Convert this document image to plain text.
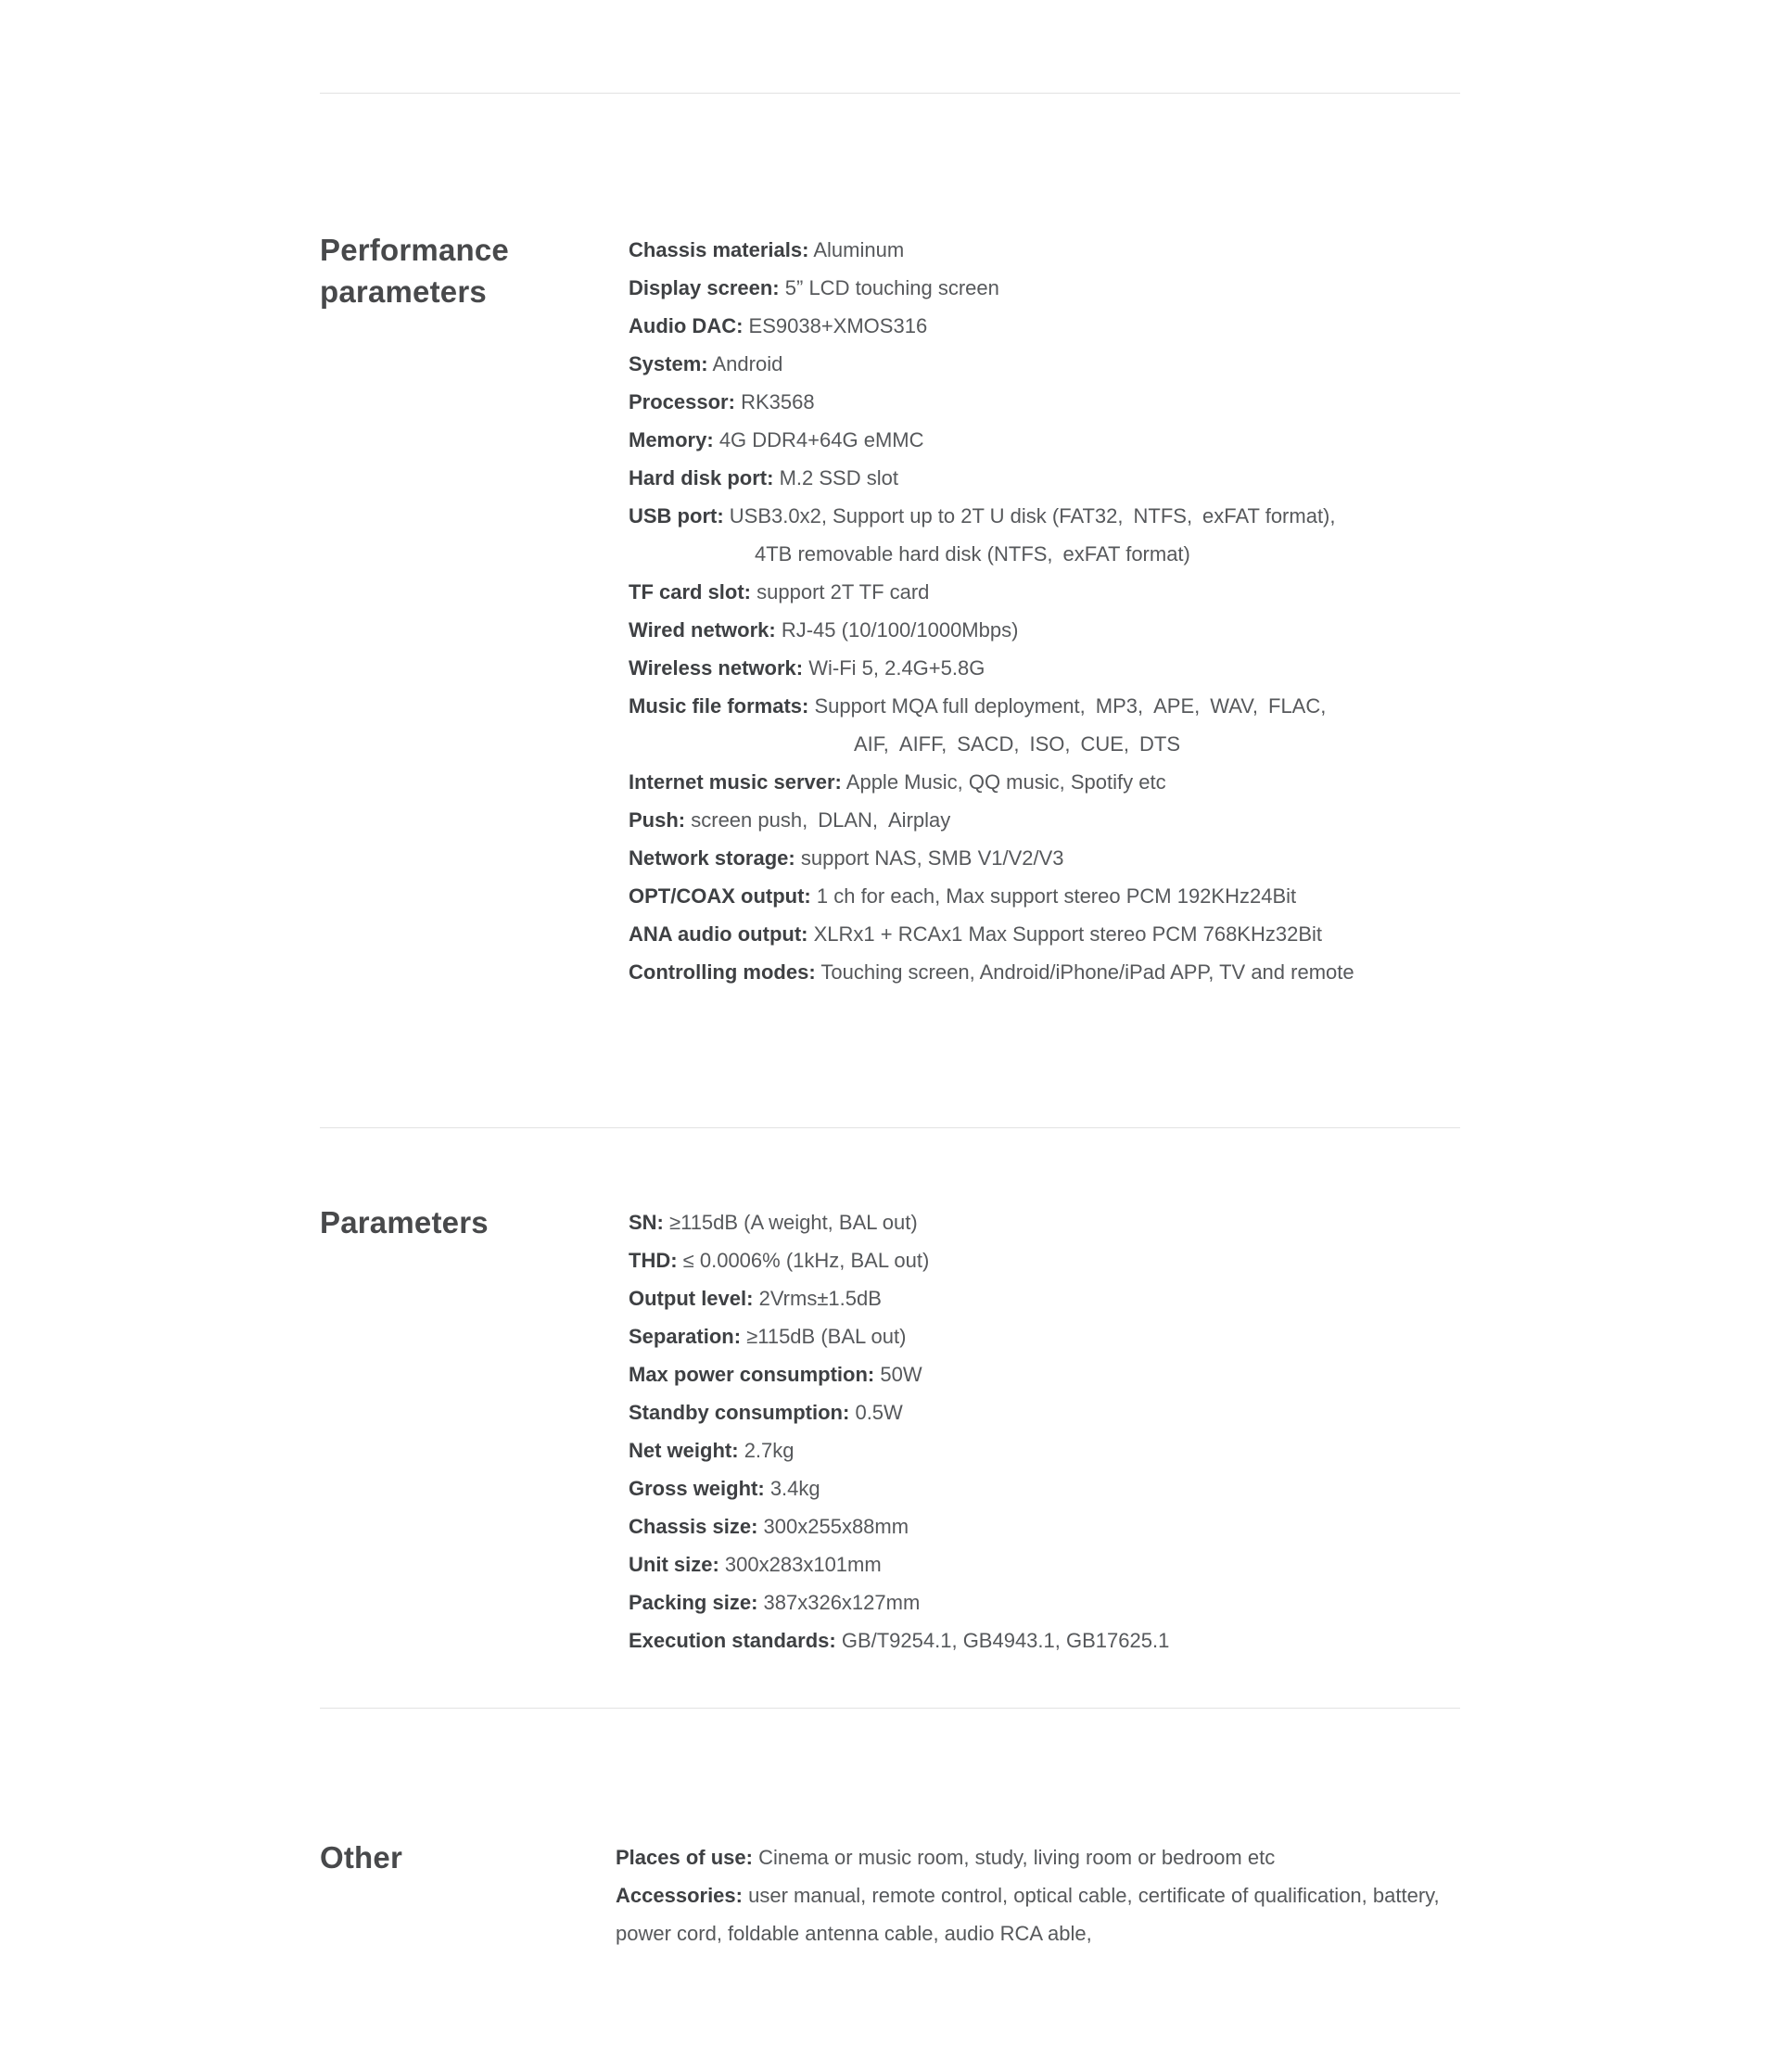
Performance parameters
Chassis materials: Aluminum
Display screen: 5” LCD touching screen
Audio DAC: ES9038+XMOS316
System: Android
Processor: RK3568
Memory: 4G DDR4+64G eMMC
Hard disk port: M.2 SSD slot
USB port: USB3.0x2, Support up to 2T U disk (FAT32, NTFS, exFAT format),
4TB removable hard disk (NTFS, exFAT format)
TF card slot: support 2T TF card
Wired network: RJ-45 (10/100/1000Mbps)
Wireless network: Wi-Fi 5, 2.4G+5.8G
Music file formats: Support MQA full deployment, MP3, APE, WAV, FLAC, 
AIF, AIFF, SACD, ISO, CUE, DTS
Internet music server: Apple Music, QQ music, Spotify etc
Push: screen push, DLAN, Airplay
Network storage: support NAS, SMB V1/V2/V3
OPT/COAX output: 1 ch for each, Max support stereo PCM 192KHz24Bit
ANA audio output: XLRx1 + RCAx1 Max Support stereo PCM 768KHz32Bit
Controlling modes: Touching screen, Android/iPhone/iPad APP, TV and remote
Parameters	SN: ≥115dB (A weight, BAL out)
THD: ≤ 0.0006% (1kHz, BAL out)
Output level: 2Vrms±1.5dB
Separation: ≥115dB (BAL out)
Max power consumption: 50W
Standby consumption: 0.5W
Net weight: 2.7kg
Gross weight: 3.4kg
Chassis size: 300x255x88mm
Unit size: 300x283x101mm
Packing size: 387x326x127mm
Execution standards: GB/T9254.1, GB4943.1, GB17625.1
Other	Places of use: Cinema or music room, study, living room or bedroom etc
Accessories: user manual, remote control, optical cable, certificate of qualification, battery,
power cord, foldable antenna cable, audio RCA able,
